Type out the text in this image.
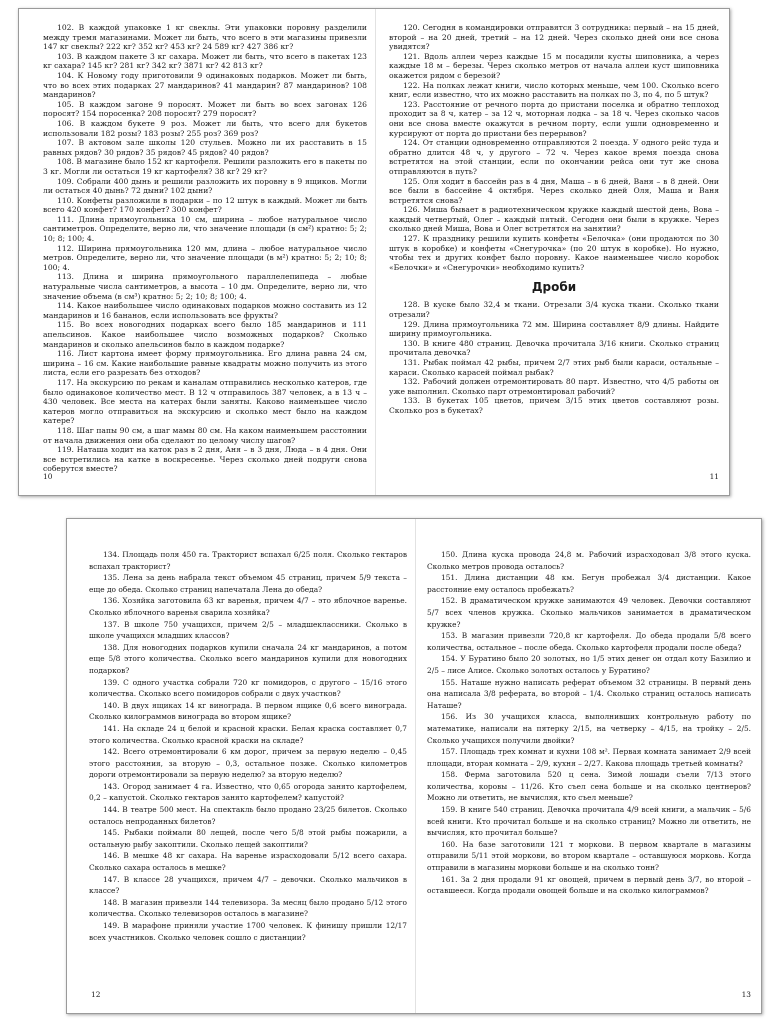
102. В каждой упаковке 1 кг свеклы. Эти упаковки поровну разделили между тремя магазинами. Может ли быть, что всего в эти магазины привезли 147 кг свеклы? 222 кг? 352 кг? 453 кг? 24 589 кг? 427 386 кг?

103. В каждом пакете 3 кг сахара. Может ли быть, что всего в пакетах 123 кг сахара? 145 кг? 281 кг? 342 кг? 3871 кг? 42 813 кг?

104. К Новому году приготовили 9 одинаковых подарков. Может ли быть, что во всех этих подарках 27 мандаринов? 41 мандарин? 87 мандаринов? 108 мандаринов?

105. В каждом загоне 9 поросят. Может ли быть во всех загонах 126 поросят? 154 поросенка? 208 поросят? 279 поросят?

106. В каждом букете 9 роз. Может ли быть, что всего для букетов использовали 182 розы? 183 розы? 255 роз? 369 роз?

107. В актовом зале школы 120 стульев. Можно ли их расставить в 15 равных рядов? 30 рядов? 35 рядов? 45 рядов? 40 рядов?

108. В магазине было 152 кг картофеля. Решили разложить его в пакеты по 3 кг. Могли ли остаться 19 кг картофеля? 38 кг? 29 кг?

109. Собрали 400 дынь и решили разложить их поровну в 9 ящиков. Могли ли остаться 40 дынь? 72 дыни? 102 дыни?

110. Конфеты разложили в подарки – по 12 штук в каждый. Может ли быть всего 420 конфет? 170 конфет? 300 конфет?

111. Длина прямоугольника 10 см, ширина – любое натуральное число сантиметров. Определите, верно ли, что значение площади (в см²) кратно: 5; 2; 10; 8; 100; 4.

112. Ширина прямоугольника 120 мм, длина – любое натуральное число метров. Определите, верно ли, что значение площади (в м²) кратно: 5; 2; 10; 8; 100; 4.

113. Длина и ширина прямоугольного параллелепипеда – любые натуральные числа сантиметров, а высота – 10 дм. Определите, верно ли, что значение объема (в см³) кратно: 5; 2; 10; 8; 100; 4.

114. Какое наибольшее число одинаковых подарков можно составить из 12 мандаринов и 16 бананов, если использовать все фрукты?

115. Во всех новогодних подарках всего было 185 мандаринов и 111 апельсинов. Какое наибольшее число возможных подарков? Сколько мандаринов и сколько апельсинов было в каждом подарке?

116. Лист картона имеет форму прямоугольника. Его длина равна 24 см, ширина – 16 см. Какие наибольшие равные квадраты можно получить из этого листа, если его разрезать без отходов?

117. На экскурсию по рекам и каналам отправились несколько катеров, где было одинаковое количество мест. В 12 ч отправилось 387 человек, а в 13 ч – 430 человек. Все места на катерах были заняты. Каково наименьшее число катеров могло отправиться на экскурсию и сколько мест было на каждом катере?

118. Шаг папы 90 см, а шаг мамы 80 см. На каком наименьшем расстоянии от начала движения они оба сделают по целому числу шагов?

119. Наташа ходит на каток раз в 2 дня, Аня – в 3 дня, Люда – в 4 дня. Они все встретились на катке в воскресенье. Через сколько дней подруги снова соберутся вместе?

10

120. Сегодня в командировки отправятся 3 сотрудника: первый – на 15 дней, второй – на 20 дней, третий – на 12 дней. Через сколько дней они все снова увидятся?

121. Вдоль аллеи через каждые 15 м посадили кусты шиповника, а через каждые 18 м – березы. Через сколько метров от начала аллеи куст шиповника окажется рядом с березой?

122. На полках лежат книги, число которых меньше, чем 100. Сколько всего книг, если известно, что их можно расставить на полках по 3, по 4, по 5 штук?

123. Расстояние от речного порта до пристани поселка и обратно теплоход проходит за 8 ч, катер – за 12 ч, моторная лодка – за 18 ч. Через сколько часов они все снова вместе окажутся в речном порту, если ушли одновременно и курсируют от порта до пристани без перерывов?

124. От станции одновременно отправляются 2 поезда. У одного рейс туда и обратно длится 48 ч, у другого – 72 ч. Через какое время поезда снова встретятся на этой станции, если по окончании рейса они тут же снова отправляются в путь?

125. Оля ходит в бассейн раз в 4 дня, Маша – в 6 дней, Ваня – в 8 дней. Они все были в бассейне 4 октября. Через сколько дней Оля, Маша и Ваня встретятся снова?

126. Миша бывает в радиотехническом кружке каждый шестой день, Вова – каждый четвертый, Олег – каждый пятый. Сегодня они были в кружке. Через сколько дней Миша, Вова и Олег встретятся на занятии?

127. К празднику решили купить конфеты «Белочка» (они продаются по 30 штук в коробке) и конфеты «Снегурочка» (по 20 штук в коробке). Но нужно, чтобы тех и других конфет было поровну. Какое наименьшее число коробок «Белочки» и «Снегурочки» необходимо купить?

Дроби

128. В куске было 32,4 м ткани. Отрезали 3/4 куска ткани. Сколько ткани отрезали?

129. Длина прямоугольника 72 мм. Ширина составляет 8/9 длины. Найдите ширину прямоугольника.

130. В книге 480 страниц. Девочка прочитала 3/16 книги. Сколько страниц прочитала девочка?

131. Рыбак поймал 42 рыбы, причем 2/7 этих рыб были караси, остальные – караси. Сколько карасей поймал рыбак?

132. Рабочий должен отремонтировать 80 парт. Известно, что 4/5 работы он уже выполнил. Сколько парт отремонтировал рабочий?

133. В букетах 105 цветов, причем 3/15 этих цветов составляют розы. Сколько роз в букетах?

11

134. Площадь поля 450 га. Тракторист вспахал 6/25 поля. Сколько гектаров вспахал тракторист?

135. Лена за день набрала текст объемом 45 страниц, причем 5/9 текста – еще до обеда. Сколько страниц напечатала Лена до обеда?

136. Хозяйка заготовила 63 кг варенья, причем 4/7 – это яблочное варенье. Сколько яблочного варенья сварила хозяйка?

137. В школе 750 учащихся, причем 2/5 – младшеклассники. Сколько в школе учащихся младших классов?

138. Для новогодних подарков купили сначала 24 кг мандаринов, а потом еще 5/8 этого количества. Сколько всего мандаринов купили для новогодних подарков?

139. С одного участка собрали 720 кг помидоров, с другого – 15/16 этого количества. Сколько всего помидоров собрали с двух участков?

140. В двух ящиках 14 кг винограда. В первом ящике 0,6 всего винограда. Сколько килограммов винограда во втором ящике?

141. На складе 24 ц белой и красной краски. Белая краска составляет 0,7 этого количества. Сколько красной краски на складе?

142. Всего отремонтировали 6 км дорог, причем за первую неделю – 0,45 этого расстояния, за вторую – 0,3, остальное позже. Сколько километров дороги отремонтировали за первую неделю? за вторую неделю?

143. Огород занимает 4 га. Известно, что 0,65 огорода занято картофелем, 0,2 – капустой. Сколько гектаров занято картофелем? капустой?

144. В театре 500 мест. На спектакль было продано 23/25 билетов. Сколько осталось непроданных билетов?

145. Рыбаки поймали 80 лещей, после чего 5/8 этой рыбы пожарили, а остальную рыбу закоптили. Сколько лещей закоптили?

146. В мешке 48 кг сахара. На варенье израсходовали 5/12 всего сахара. Сколько сахара осталось в мешке?

147. В классе 28 учащихся, причем 4/7 – девочки. Сколько мальчиков в классе?

148. В магазин привезли 144 телевизора. За месяц было продано 5/12 этого количества. Сколько телевизоров осталось в магазине?

149. В марафоне приняли участие 1700 человек. К финишу пришли 12/17 всех участников. Сколько человек сошло с дистанции?

12

150. Длина куска провода 24,8 м. Рабочий израсходовал 3/8 этого куска. Сколько метров провода осталось?

151. Длина дистанции 48 км. Бегун пробежал 3/4 дистанции. Какое расстояние ему осталось пробежать?

152. В драматическом кружке занимаются 49 человек. Девочки составляют 5/7 всех членов кружка. Сколько мальчиков занимается в драматическом кружке?

153. В магазин привезли 720,8 кг картофеля. До обеда продали 5/8 всего количества, остальное – после обеда. Сколько картофеля продали после обеда?

154. У Буратино было 20 золотых, но 1/5 этих денег он отдал коту Базилио и 2/5 – лисе Алисе. Сколько золотых осталось у Буратино?

155. Наташе нужно написать реферат объемом 32 страницы. В первый день она написала 3/8 реферата, во второй – 1/4. Сколько страниц осталось написать Наташе?

156. Из 30 учащихся класса, выполнивших контрольную работу по математике, написали на пятерку 2/15, на четверку – 4/15, на тройку – 2/5. Сколько учащихся получили двойки?

157. Площадь трех комнат и кухни 108 м². Первая комната занимает 2/9 всей площади, вторая комната – 2/9, кухня – 2/27. Какова площадь третьей комнаты?

158. Ферма заготовила 520 ц сена. Зимой лошади съели 7/13 этого количества, коровы – 11/26. Кто съел сена больше и на сколько центнеров? Можно ли ответить, не вычисляя, кто съел меньше?

159. В книге 540 страниц. Девочка прочитала 4/9 всей книги, а мальчик – 5/6 всей книги. Кто прочитал больше и на сколько страниц? Можно ли ответить, не вычисляя, кто прочитал больше?

160. На базе заготовили 121 т моркови. В первом квартале в магазины отправили 5/11 этой моркови, во втором квартале – оставшуюся морковь. Когда отправили в магазины моркови больше и на сколько тонн?

161. За 2 дня продали 91 кг овощей, причем в первый день 3/7, во второй – оставшееся. Когда продали овощей больше и на сколько килограммов?

13
